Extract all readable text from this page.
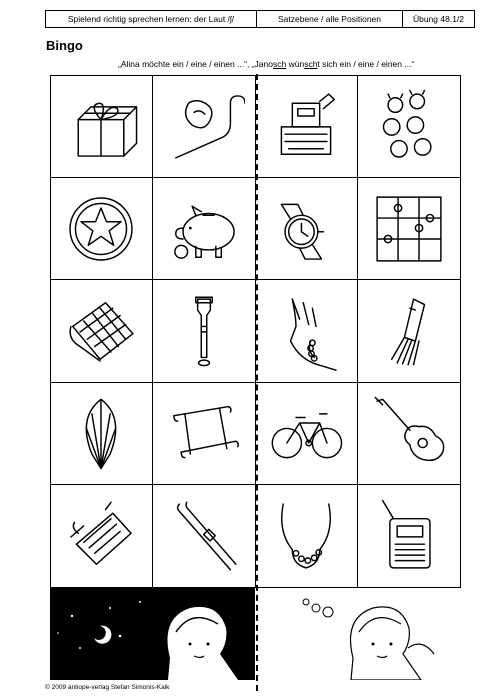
Spielend richtig sprechen lernen: der Laut /ʃ/	Satzebene / alle Positionen	Übung 48.1/2
Bingo
„Alina möchte ein / eine / einen ...“, „Janosch wünscht sich ein / eine / einen ...“
© 2009 antiope-verlag Stefan Simonis-Kalk
